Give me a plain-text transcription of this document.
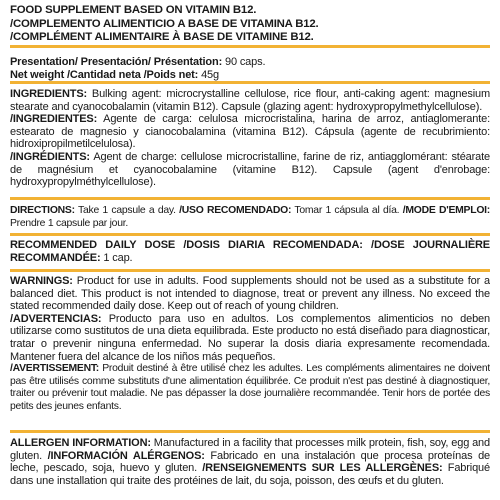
FOOD SUPPLEMENT BASED ON VITAMIN B12.
/COMPLEMENTO ALIMENTICIO A BASE DE VITAMINA B12.
/COMPLÉMENT ALIMENTAIRE À BASE DE VITAMINE B12.
Presentation/ Presentación/ Présentation: 90 caps.
Net weight /Cantidad neta /Poids net: 45g
INGREDIENTS: Bulking agent: microcrystalline cellulose, rice flour, anti-caking agent: magnesium stearate and cyanocobalamin (vitamin B12). Capsule (glazing agent: hydroxypropylmethylcellulose).
/INGREDIENTES: Agente de carga: celulosa microcristalina, harina de arroz, antiaglomerante: estearato de magnesio y cianocobalamina (vitamina B12). Cápsula (agente de recubrimiento: hidroxipropilmetilcelulosa).
/INGRÉDIENTS: Agent de charge: cellulose microcristalline, farine de riz, antiagglomérant: stéarate de magnésium et cyanocobalamine (vitamine B12). Capsule (agent d'enrobage: hydroxypropylméthylcellulose).
DIRECTIONS: Take 1 capsule a day. /USO RECOMENDADO: Tomar 1 cápsula al día. /MODE D'EMPLOI: Prendre 1 capsule par jour.
RECOMMENDED DAILY DOSE /DOSIS DIARIA RECOMENDADA: /DOSE JOURNALIÈRE RECOMMANDÉE: 1 cap.
WARNINGS: Product for use in adults. Food supplements should not be used as a substitute for a balanced diet. This product is not intended to diagnose, treat or prevent any illness. No exceed the stated recommended daily dose. Keep out of reach of young children.
/ADVERTENCIAS: Producto para uso en adultos. Los complementos alimenticios no deben utilizarse como sustitutos de una dieta equilibrada. Este producto no está diseñado para diagnosticar, tratar o prevenir ninguna enfermedad. No superar la dosis diaria expresamente recomendada. Mantener fuera del alcance de los niños más pequeños.
/AVERTISSEMENT: Produit destiné à être utilisé chez les adultes. Les compléments alimentaires ne doivent pas être utilisés comme substituts d'une alimentation équilibrée. Ce produit n'est pas destiné à diagnostiquer, traiter ou prévenir tout maladie. Ne pas dépasser la dose journalière recommandée. Tenir hors de portée des petits des jeunes enfants.
ALLERGEN INFORMATION: Manufactured in a facility that processes milk protein, fish, soy, egg and gluten. /INFORMACIÓN ALÉRGENOS: Fabricado en una instalación que procesa proteínas de leche, pescado, soja, huevo y gluten. /RENSEIGNEMENTS SUR LES ALLERGÈNES: Fabriqué dans une installation qui traite des protéines de lait, du soja, poisson, des œufs et du gluten.
